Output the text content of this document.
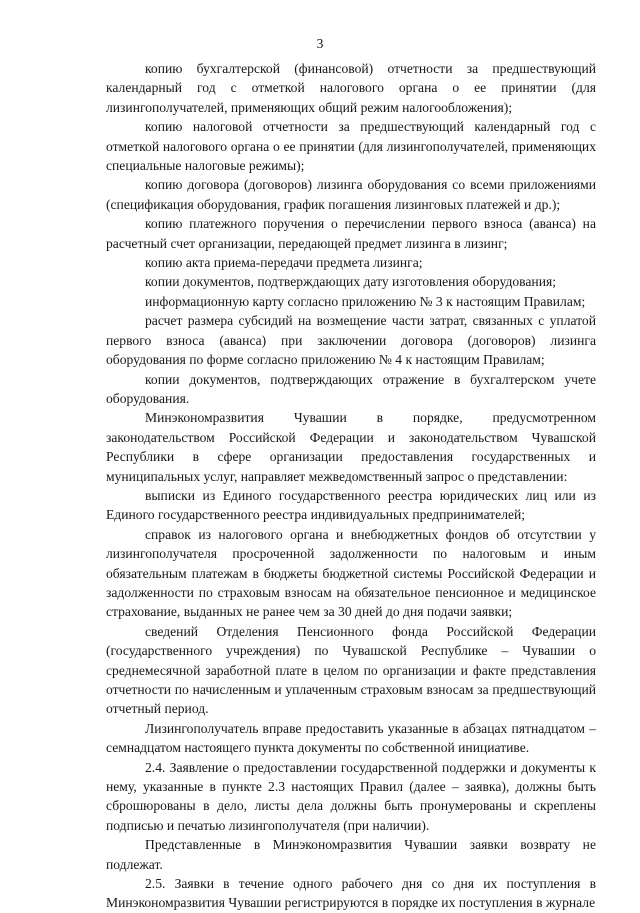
3

копию бухгалтерской (финансовой) отчетности за предшествующий календарный год с отметкой налогового органа о ее принятии (для лизингополучателей, применяющих общий режим налогообложения);

копию налоговой отчетности за предшествующий календарный год с отметкой налогового органа о ее принятии (для лизингополучателей, применяющих специальные налоговые режимы);

копию договора (договоров) лизинга оборудования со всеми приложениями (спецификация оборудования, график погашения лизинговых платежей и др.);

копию платежного поручения о перечислении первого взноса (аванса) на расчетный счет организации, передающей предмет лизинга в лизинг;

копию акта приема-передачи предмета лизинга;

копии документов, подтверждающих дату изготовления оборудования;

информационную карту согласно приложению № 3 к настоящим Правилам;

расчет размера субсидий на возмещение части затрат, связанных с уплатой первого взноса (аванса) при заключении договора (договоров) лизинга оборудования по форме согласно приложению № 4 к настоящим Правилам;

копии документов, подтверждающих отражение в бухгалтерском учете оборудования.

Минэкономразвития Чувашии в порядке, предусмотренном законодательством Российской Федерации и законодательством Чувашской Республики в сфере организации предоставления государственных и муниципальных услуг, направляет межведомственный запрос о представлении:

выписки из Единого государственного реестра юридических лиц или из Единого государственного реестра индивидуальных предпринимателей;

справок из налогового органа и внебюджетных фондов об отсутствии у лизингополучателя просроченной задолженности по налоговым и иным обязательным платежам в бюджеты бюджетной системы Российской Федерации и задолженности по страховым взносам на обязательное пенсионное и медицинское страхование, выданных не ранее чем за 30 дней до дня подачи заявки;

сведений Отделения Пенсионного фонда Российской Федерации (государственного учреждения) по Чувашской Республике – Чувашии о среднемесячной заработной плате в целом по организации и факте представления отчетности по начисленным и уплаченным страховым взносам за предшествующий отчетный период.

Лизингополучатель вправе предоставить указанные в абзацах пятнадцатом – семнадцатом настоящего пункта документы по собственной инициативе.

2.4. Заявление о предоставлении государственной поддержки и документы к нему, указанные в пункте 2.3 настоящих Правил (далее – заявка), должны быть сброшюрованы в дело, листы дела должны быть пронумерованы и скреплены подписью и печатью лизингополучателя (при наличии).

Представленные в Минэкономразвития Чувашии заявки возврату не подлежат.

2.5. Заявки в течение одного рабочего дня со дня их поступления в Минэкономразвития Чувашии регистрируются в порядке их поступления в журнале
